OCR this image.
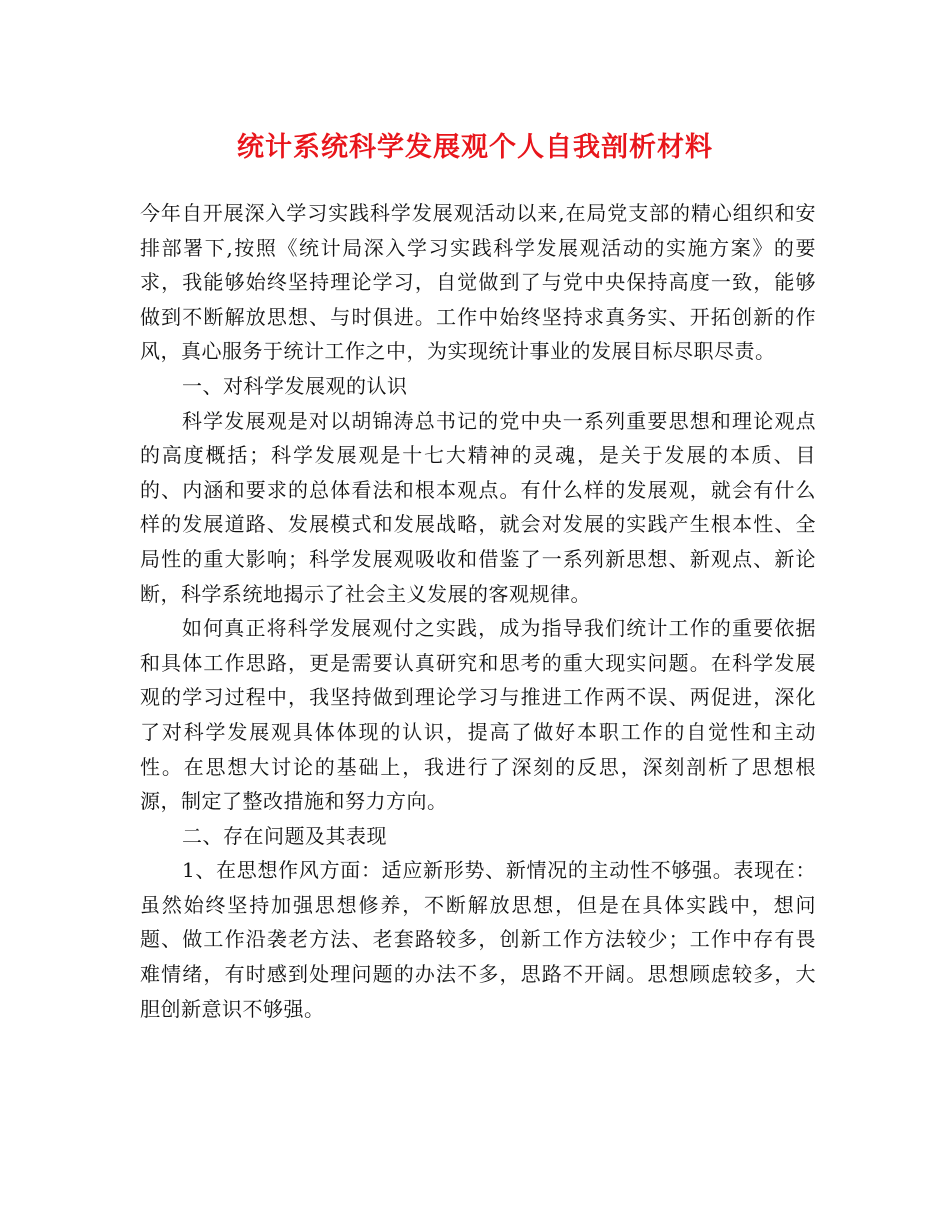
统计系统科学发展观个人自我剖析材料

今年自开展深入学习实践科学发展观活动以来,在局党支部的精心组织和安排部署下,按照《统计局深入学习实践科学发展观活动的实施方案》的要求，我能够始终坚持理论学习，自觉做到了与党中央保持高度一致，能够做到不断解放思想、与时俱进。工作中始终坚持求真务实、开拓创新的作风，真心服务于统计工作之中，为实现统计事业的发展目标尽职尽责。

一、对科学发展观的认识

科学发展观是对以胡锦涛总书记的党中央一系列重要思想和理论观点的高度概括；科学发展观是十七大精神的灵魂，是关于发展的本质、目的、内涵和要求的总体看法和根本观点。有什么样的发展观，就会有什么样的发展道路、发展模式和发展战略，就会对发展的实践产生根本性、全局性的重大影响；科学发展观吸收和借鉴了一系列新思想、新观点、新论断，科学系统地揭示了社会主义发展的客观规律。

如何真正将科学发展观付之实践，成为指导我们统计工作的重要依据和具体工作思路，更是需要认真研究和思考的重大现实问题。在科学发展观的学习过程中，我坚持做到理论学习与推进工作两不误、两促进，深化了对科学发展观具体体现的认识，提高了做好本职工作的自觉性和主动性。在思想大讨论的基础上，我进行了深刻的反思，深刻剖析了思想根源，制定了整改措施和努力方向。

二、存在问题及其表现

1、在思想作风方面：适应新形势、新情况的主动性不够强。表现在：虽然始终坚持加强思想修养，不断解放思想，但是在具体实践中，想问题、做工作沿袭老方法、老套路较多，创新工作方法较少；工作中存有畏难情绪，有时感到处理问题的办法不多，思路不开阔。思想顾虑较多，大胆创新意识不够强。
